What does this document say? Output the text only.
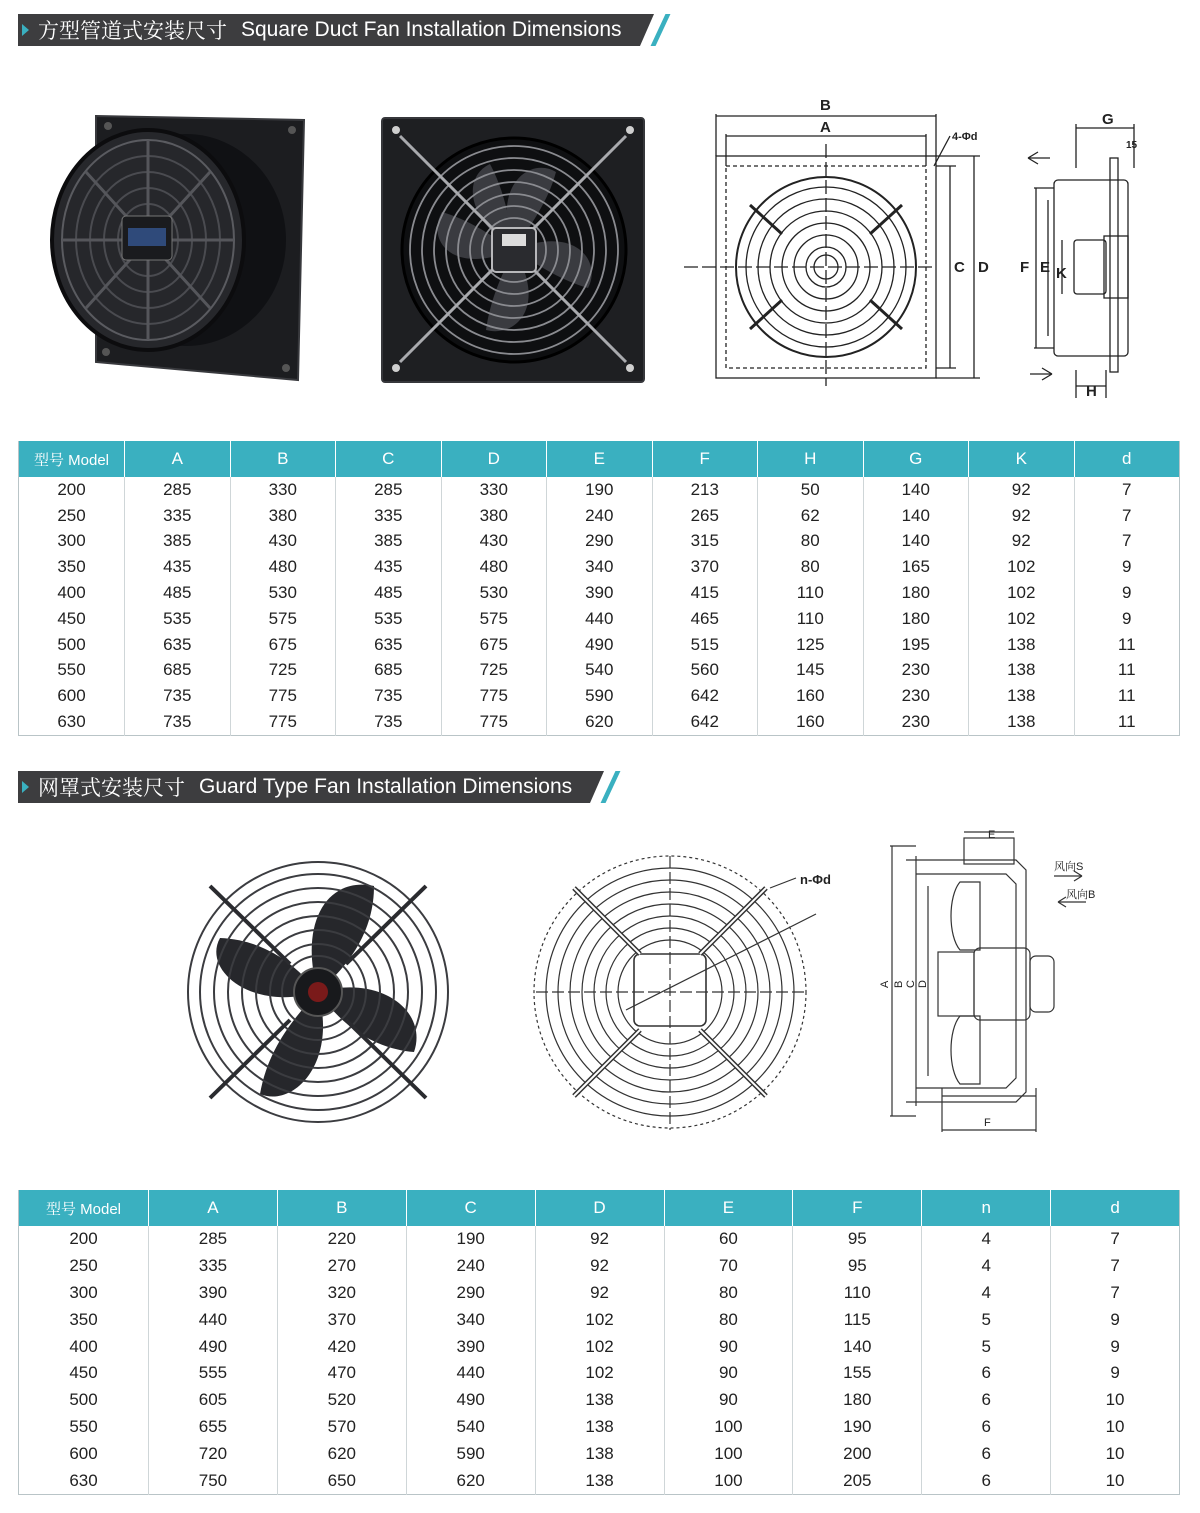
方型管道式安装尺寸 Square Duct Fan Installation Dimensions
B
A
4-Φd
C D
G
15
F E K
H
型号 Model	A	B	C	D	E	F	H	G	K	d
200	285	330	285	330	190	213	50	140	92	7
250	335	380	335	380	240	265	62	140	92	7
300	385	430	385	430	290	315	80	140	92	7
350	435	480	435	480	340	370	80	165	102	9
400	485	530	485	530	390	415	110	180	102	9
450	535	575	535	575	440	465	110	180	102	9
500	635	675	635	675	490	515	125	195	138	11
550	685	725	685	725	540	560	145	230	138	11
600	735	775	735	775	590	642	160	230	138	11
630	735	775	735	775	620	642	160	230	138	11
网罩式安装尺寸 Guard Type Fan Installation Dimensions
n-Φd
E
F
风向S
风向B
A B C D
型号 Model	A	B	C	D	E	F	n	d
200	285	220	190	92	60	95	4	7
250	335	270	240	92	70	95	4	7
300	390	320	290	92	80	110	4	7
350	440	370	340	102	80	115	5	9
400	490	420	390	102	90	140	5	9
450	555	470	440	102	90	155	6	9
500	605	520	490	138	90	180	6	10
550	655	570	540	138	100	190	6	10
600	720	620	590	138	100	200	6	10
630	750	650	620	138	100	205	6	10
